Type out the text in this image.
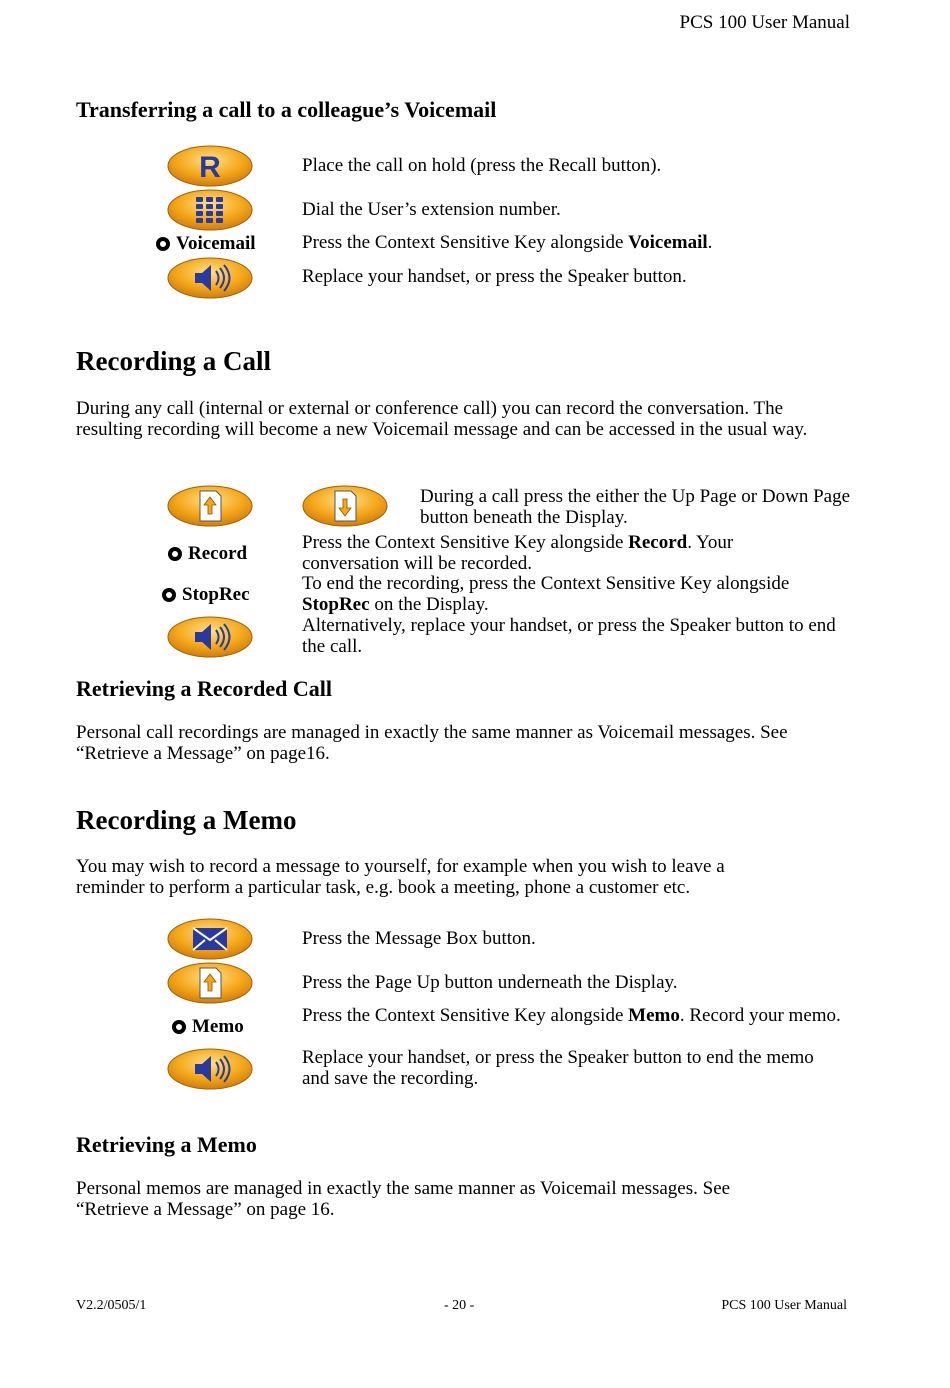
PCS 100 User Manual
Transferring a call to a colleague’s Voicemail
R
Voicemail
Place the call on hold (press the Recall button).
Dial the User’s extension number.
Press the Context Sensitive Key alongside Voicemail.
Replace your handset, or press the Speaker button.
Recording a Call
During any call (internal or external or conference call) you can record the conversation. The resulting recording will become a new Voicemail message and can be accessed in the usual way.
Record
StopRec
During a call press the either the Up Page or Down Page button beneath the Display.
Press the Context Sensitive Key alongside Record. Your conversation will be recorded.
To end the recording, press the Context Sensitive Key alongside StopRec on the Display.
Alternatively, replace your handset, or press the Speaker button to end the call.
Retrieving a Recorded Call
Personal call recordings are managed in exactly the same manner as Voicemail messages. See “Retrieve a Message” on page16.
Recording a Memo
You may wish to record a message to yourself, for example when you wish to leave a reminder to perform a particular task, e.g. book a meeting, phone a customer etc.
Memo
Press the Message Box button.
Press the Page Up button underneath the Display.
Press the Context Sensitive Key alongside Memo. Record your memo.
Replace your handset, or press the Speaker button to end the memo and save the recording.
Retrieving a Memo
Personal memos are managed in exactly the same manner as Voicemail messages. See “Retrieve a Message” on page 16.
V2.2/0505/1	- 20 -	PCS 100 User Manual
